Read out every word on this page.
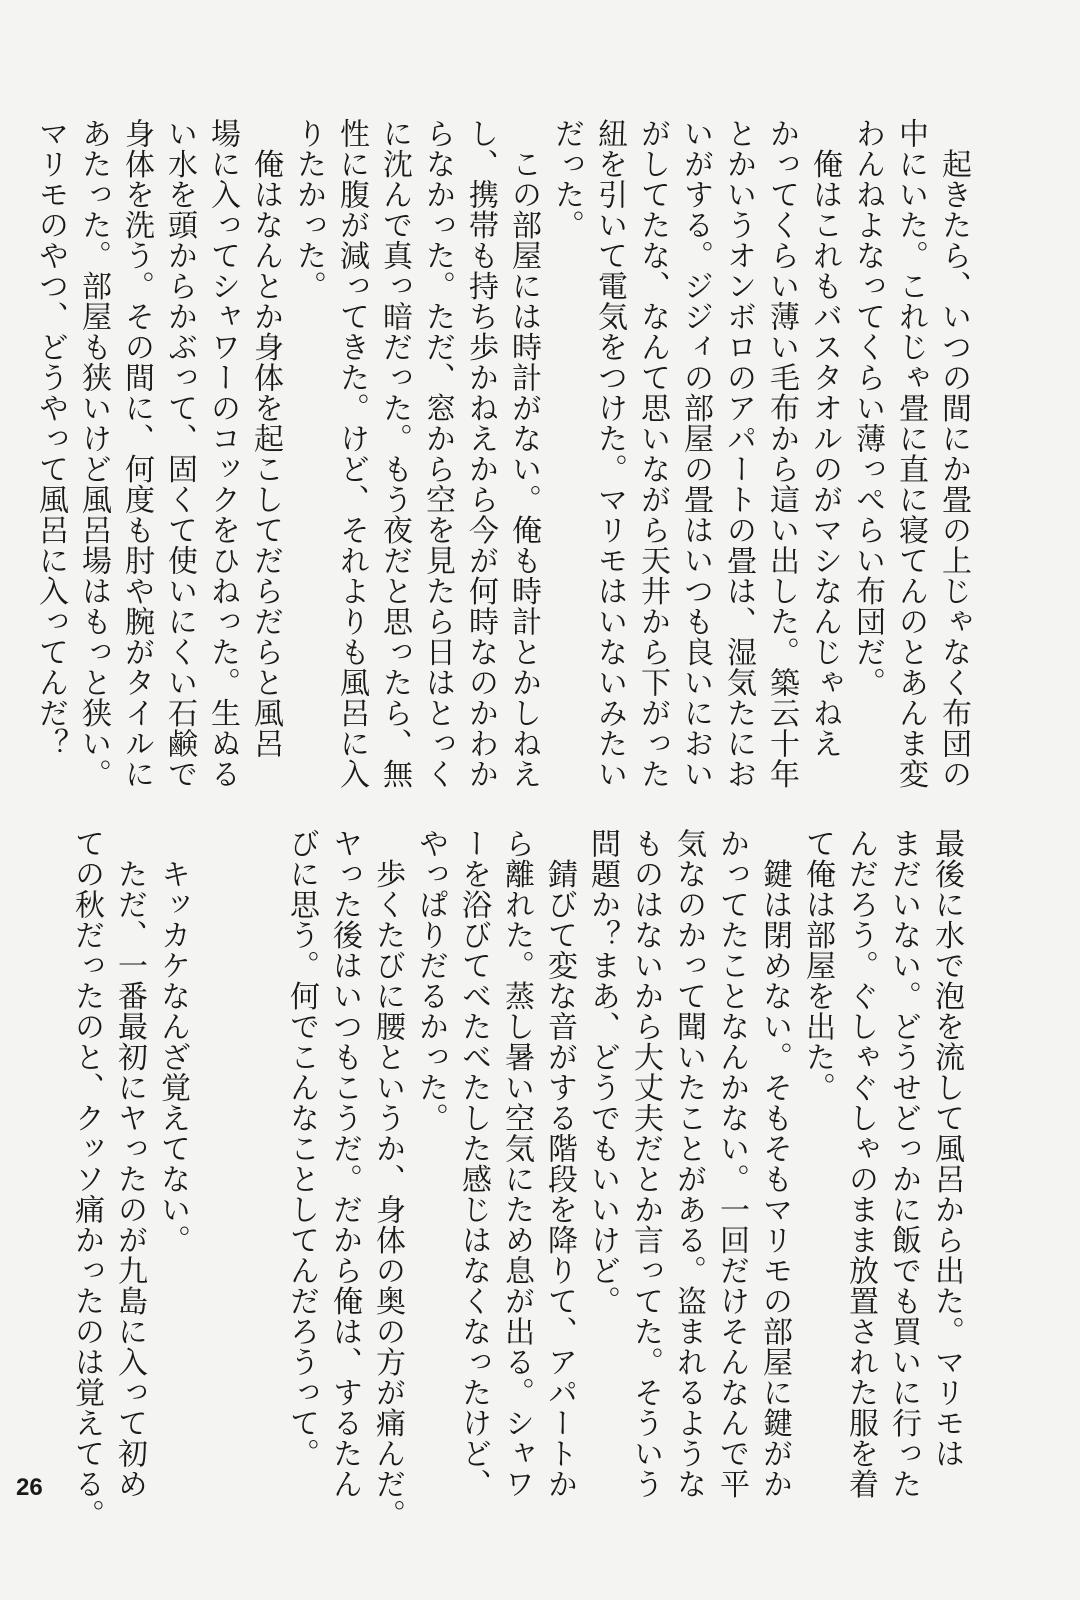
　起きたら、いつの間にか畳の上じゃなく布団の

中にいた。これじゃ畳に直に寝てんのとあんま変

わんねよなってくらい薄っぺらい布団だ。

　俺はこれもバスタオルのがマシなんじゃねえ

かってくらい薄い毛布から這い出した。築云十年

とかいうオンボロのアパートの畳は、湿気たにお

いがする。ジジィの部屋の畳はいつも良いにおい

がしてたな、なんて思いながら天井から下がった

紐を引いて電気をつけた。マリモはいないみたい

だった。

　この部屋には時計がない。俺も時計とかしねえ

し、携帯も持ち歩かねえから今が何時なのかわか

らなかった。ただ、窓から空を見たら日はとっく

に沈んで真っ暗だった。もう夜だと思ったら、無

性に腹が減ってきた。けど、それよりも風呂に入

りたかった。

　俺はなんとか身体を起こしてだらだらと風呂

場に入ってシャワーのコックをひねった。生ぬる

い水を頭からかぶって、固くて使いにくい石鹸で

身体を洗う。その間に、何度も肘や腕がタイルに

あたった。部屋も狭いけど風呂場はもっと狭い。

マリモのやつ、どうやって風呂に入ってんだ？

最後に水で泡を流して風呂から出た。マリモは

まだいない。どうせどっかに飯でも買いに行った

んだろう。ぐしゃぐしゃのまま放置された服を着

て俺は部屋を出た。

　鍵は閉めない。そもそもマリモの部屋に鍵がか

かってたことなんかない。一回だけそんなんで平

気なのかって聞いたことがある。盗まれるような

ものはないから大丈夫だとか言ってた。そういう

問題か？まあ、どうでもいいけど。

　錆びて変な音がする階段を降りて、アパートか

ら離れた。蒸し暑い空気にため息が出る。シャワ

ーを浴びてべたべたした感じはなくなったけど、

やっぱりだるかった。

　歩くたびに腰というか、身体の奥の方が痛んだ。

ヤった後はいつもこうだ。だから俺は、するたん

びに思う。何でこんなことしてんだろうって。

　キッカケなんざ覚えてない。

　ただ、一番最初にヤったのが九島に入って初め

ての秋だったのと、クッソ痛かったのは覚えてる。

26
